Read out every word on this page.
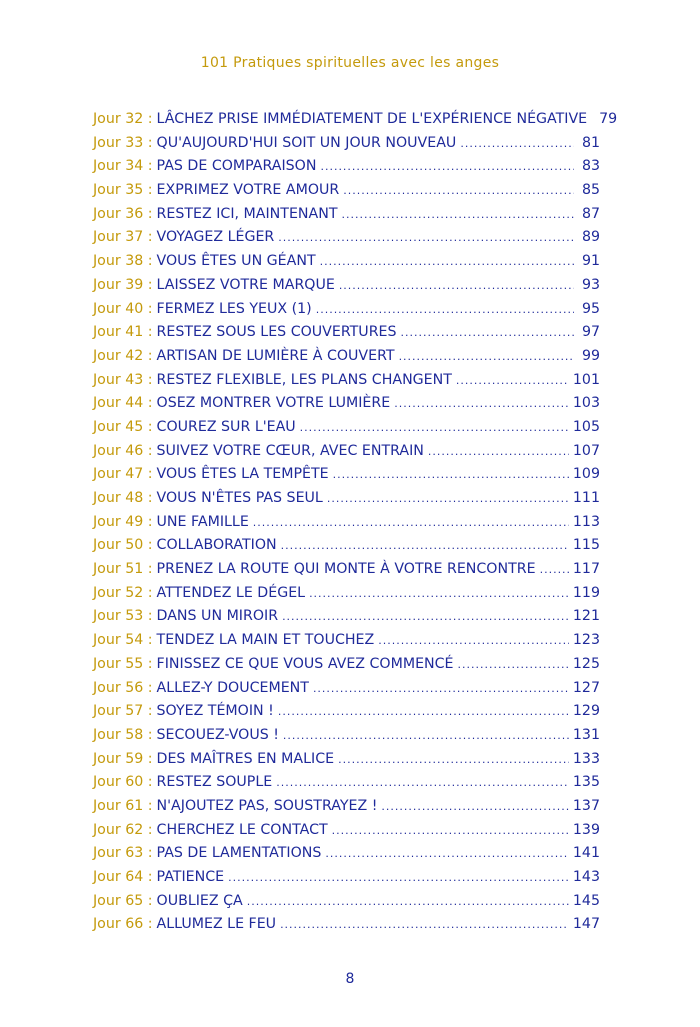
101 Pratiques spirituelles avec les anges
Jour 32 : LÂCHEZ PRISE IMMÉDIATEMENT DE L'EXPÉRIENCE NÉGATIVE 79
Jour 33 : QU'AUJOURD'HUI SOIT UN JOUR NOUVEAU .....	81
Jour 34 : PAS DE COMPARAISON .....	83
Jour 35 : EXPRIMEZ VOTRE AMOUR .....	85
Jour 36 : RESTEZ ICI, MAINTENANT .....	87
Jour 37 : VOYAGEZ LÉGER .....	89
Jour 38 : VOUS ÊTES UN GÉANT .....	91
Jour 39 : LAISSEZ VOTRE MARQUE .....	93
Jour 40 : FERMEZ LES YEUX (1) .....	95
Jour 41 : RESTEZ SOUS LES COUVERTURES .....	97
Jour 42 : ARTISAN DE LUMIÈRE À COUVERT .....	99
Jour 43 : RESTEZ FLEXIBLE, LES PLANS CHANGENT .....	101
Jour 44 : OSEZ MONTRER VOTRE LUMIÈRE .....	103
Jour 45 : COUREZ SUR L'EAU .....	105
Jour 46 : SUIVEZ VOTRE CŒUR, AVEC ENTRAIN .....	107
Jour 47 : VOUS ÊTES LA TEMPÊTE .....	109
Jour 48 : VOUS N'ÊTES PAS SEUL .....	111
Jour 49 : UNE FAMILLE .....	113
Jour 50 : COLLABORATION .....	115
Jour 51 : PRENEZ LA ROUTE QUI MONTE À VOTRE RENCONTRE .....	117
Jour 52 : ATTENDEZ LE DÉGEL .....	119
Jour 53 : DANS UN MIROIR .....	121
Jour 54 : TENDEZ LA MAIN ET TOUCHEZ .....	123
Jour 55 : FINISSEZ CE QUE VOUS AVEZ COMMENCÉ .....	125
Jour 56 : ALLEZ-Y DOUCEMENT .....	127
Jour 57 : SOYEZ TÉMOIN ! .....	129
Jour 58 : SECOUEZ-VOUS ! .....	131
Jour 59 : DES MAÎTRES EN MALICE .....	133
Jour 60 : RESTEZ SOUPLE .....	135
Jour 61 : N'AJOUTEZ PAS, SOUSTRAYEZ ! .....	137
Jour 62 : CHERCHEZ LE CONTACT .....	139
Jour 63 : PAS DE LAMENTATIONS .....	141
Jour 64 : PATIENCE .....	143
Jour 65 : OUBLIEZ ÇA .....	145
Jour 66 : ALLUMEZ LE FEU .....	147
8
